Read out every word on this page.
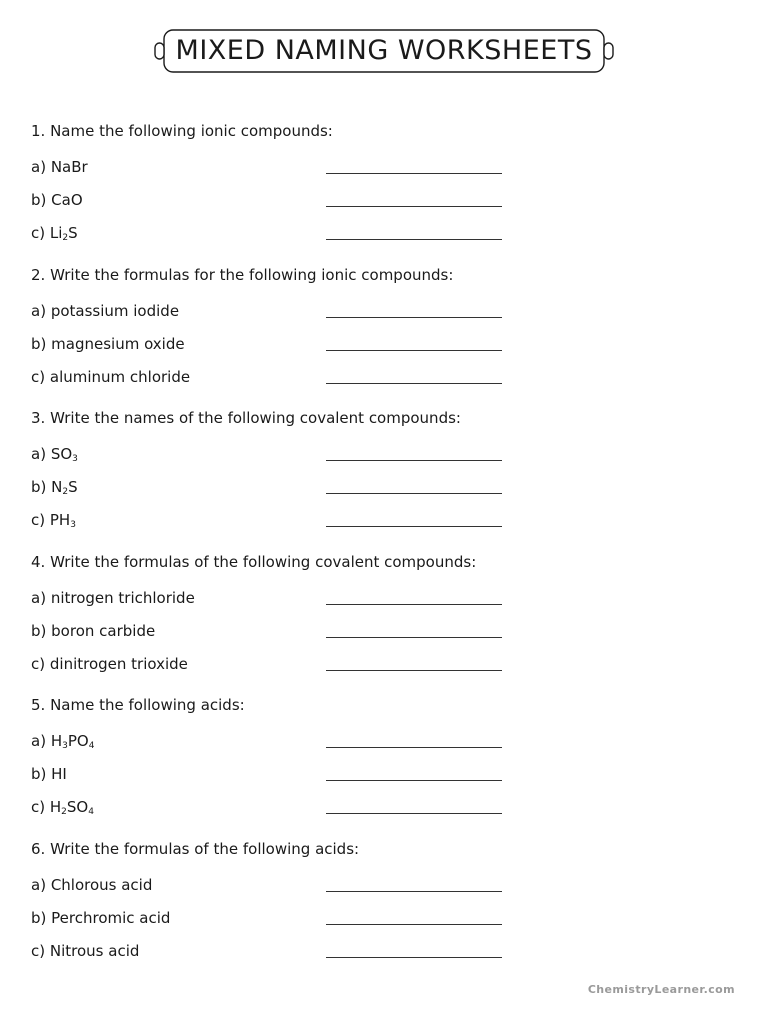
MIXED NAMING WORKSHEETS
1. Name the following ionic compounds:
a) NaBr
b) CaO
c) $Li_2S$
2. Write the formulas for the following ionic compounds:
a) potassium iodide
b) magnesium oxide
c) aluminum chloride
3. Write the names of the following covalent compounds:
a) $SO_3$
b) $N_2S$
c) $PH_3$
4. Write the formulas of the following covalent compounds:
a) nitrogen trichloride
b) boron carbide
c) dinitrogen trioxide
5. Name the following acids:
a) $H_3PO_4$
b) HI
c) $H_2SO_4$
6. Write the formulas of the following acids:
a) Chlorous acid
b) Perchromic acid
c) Nitrous acid
ChemistryLearner.com
